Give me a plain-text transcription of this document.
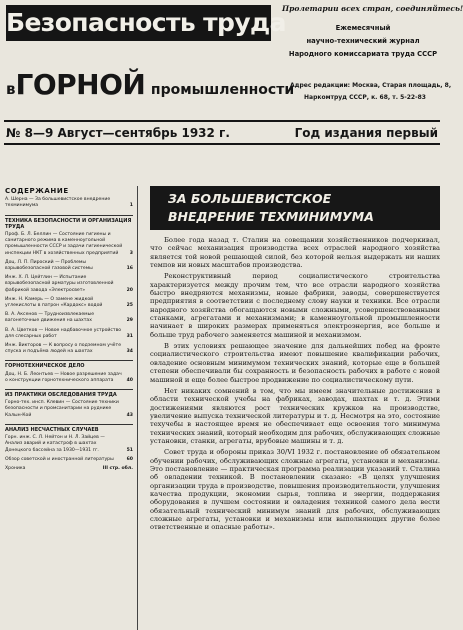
Пролетарии всех стран, соединяйтесь!
Безопасность труда
вГОРНОЙ промышленности
Ежемесячный
научно-технический журнал
Народного комиссариата труда СССР
Адрес редакции: Москва, Старая площадь, 8,
Наркомтруд СССР, к. 68, т. 5-22-83
№ 8—9 Август—сентябрь 1932 г.	Год издания первый
СОДЕРЖАНИЕ
А. Шерна — За большевистское внедрение техминимума	1
ТЕХНИКА БЕЗОПАСНОСТИ И ОРГАНИЗАЦИЯ ТРУДА
Проф. Б. Л. Беллин — Состояние гигиены и санитарного режима в каменноугольной промышленности СССР и задачи гигиенической инспекции НКТ в хозяйственных предприятий 3
Доц. Л. П. Пироский — Проблемы взрывобезопасной газовой системы	16
Инж. Х. Л. Цейтлин — Испытание взрывобезопасной арматуры изготовленной фабрикой завода «Электросвет»	20
Инж. Н. Камерь — О замене жидкой углекислоты в патрон «Кардокс» водой	25
В. А. Аксенов — Трудноизвлекаемые вагонеточные движения на шахтах	29
В. А. Цветков — Новое надбавочное устройство для слесарных работ	31
Инж. Викторов — К вопросу о подземном учёте спуска и подъёма людей на шахтах	34
ГОРНОТЕХНИЧЕСКОЕ ДЕЛО
Доц. Н. Б. Леонтьев — Новое разрешение задач о конструкции горнотехнического аппарата	40
ИЗ ПРАКТИКИ ОБСЛЕДОВАНИЯ ТРУДА
Горно-тех. инсп. Клевин — Состояние техники безопасности и промсанитарии на руднике Калын-Кой	43
АНАЛИЗ НЕСЧАСТНЫХ СЛУЧАЕВ
Горн. инж. С. Л. Нейтон и Н. Л. Зайцев — Анализ аварий и катастроф в шахтах Донецкого бассейна за 1930—1931 гг.	51
Обзор советской и иностранной литературы	60
Хроника	III стр. обл.
ЗА БОЛЬШЕВИСТСКОЕ
ВНЕДРЕНИЕ ТЕХМИНИМУМА

Более года назад т. Сталин на совещании хозяйственников подчеркивал, что сейчас механизация производства всех отраслей народного хозяйства является той новой решающей силой, без которой нельзя выдержать ни наших темпов ни новых масштабов производства.

Реконструктивный период социалистического строительства характеризуется между прочим тем, что все отрасли народного хозяйства быстро внедряются механизмы, новые фабрики, заводы, совершенствуется предприятия в соответствии с последнему слову науки и техники. Все отрасли народного хозяйства обогащаются новыми сложными, усовершенствованными станками, агрегатами и механизмами; в каменноугольной промышленности начинает в широких размерах применяться электроэнергия, все больше и больше труд рабочего заменяется машиной и механизмом.

В этих условиях решающее значение для дальнейших побед на фронте социалистического строительства имеют повышение квалификации рабочих, овладение основным минимумом технических знаний, которые еще в большей степени обеспечивали бы сохранность и безопасность рабочих в работе с новой машиной и еще более быстрое продвижение по социалистическому пути.

Нет никаких сомнений в том, что мы имеем значительные достижения в области технической учебы на фабриках, заводах, шахтах и т. д. Этими достижениями являются рост технических кружков на производстве, увеличение выпуска технической литературы и т. д. Несмотря на это, состояние техучебы в настоящее время не обеспечивает еще освоения того минимума технических знаний, который необходим для рабочих, обслуживающих сложные установки, станки, агрегаты, врубовые машины и т. д.

Совет труда и обороны приказ 30/VI 1932 г. постановление об обязательном обучении рабочих, обслуживающих сложные агрегаты, установки и механизмы. Это постановление — практическая программа реализации указаний т. Сталина об овладении техникой. В постановлении сказано: «В целях улучшения организации труда в производстве, повышения производительности, улучшения качества продукции, экономии сырья, топлива и энергии, поддержания оборудования в лучшем состоянии и овладения техникой самого дела вести обязательный технический минимум знаний для рабочих, обслуживающих сложные агрегаты, установки и механизмы или выполняющих другие более ответственные и опасные работы».
